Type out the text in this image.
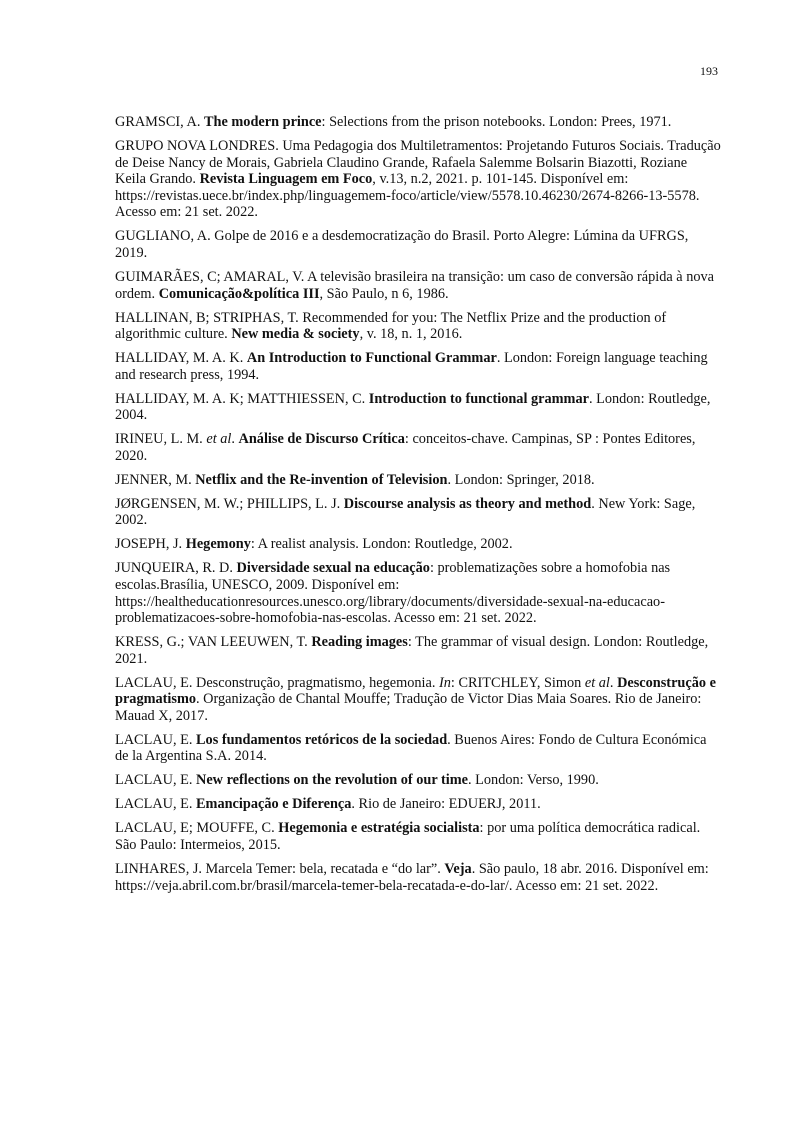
193

GRAMSCI, A. The modern prince: Selections from the prison notebooks. London: Prees, 1971.

GRUPO NOVA LONDRES. Uma Pedagogia dos Multiletramentos: Projetando Futuros Sociais. Tradução de Deise Nancy de Morais, Gabriela Claudino Grande, Rafaela Salemme Bolsarin Biazotti, Roziane Keila Grando. Revista Linguagem em Foco, v.13, n.2, 2021. p. 101-145. Disponível em: https://revistas.uece.br/index.php/linguagemem-foco/article/view/5578.10.46230/2674-8266-13-5578. Acesso em: 21 set. 2022.

GUGLIANO, A. Golpe de 2016 e a desdemocratização do Brasil. Porto Alegre: Lúmina da UFRGS, 2019.

GUIMARÃES, C; AMARAL, V. A televisão brasileira na transição: um caso de conversão rápida à nova ordem. Comunicação&política III, São Paulo, n 6, 1986.

HALLINAN, B; STRIPHAS, T. Recommended for you: The Netflix Prize and the production of algorithmic culture. New media & society, v. 18, n. 1, 2016.

HALLIDAY, M. A. K. An Introduction to Functional Grammar. London: Foreign language teaching and research press, 1994.

HALLIDAY, M. A. K; MATTHIESSEN, C. Introduction to functional grammar. London: Routledge, 2004.

IRINEU, L. M. et al. Análise de Discurso Crítica: conceitos-chave. Campinas, SP : Pontes Editores, 2020.

JENNER, M. Netflix and the Re-invention of Television. London: Springer, 2018.

JØRGENSEN, M. W.; PHILLIPS, L. J. Discourse analysis as theory and method. New York: Sage, 2002.

JOSEPH, J. Hegemony: A realist analysis. London: Routledge, 2002.

JUNQUEIRA, R. D. Diversidade sexual na educação: problematizações sobre a homofobia nas escolas.Brasília, UNESCO, 2009. Disponível em: https://healtheducationresources.unesco.org/library/documents/diversidade-sexual-na-educacao-problematizacoes-sobre-homofobia-nas-escolas. Acesso em: 21 set. 2022.

KRESS, G.; VAN LEEUWEN, T. Reading images: The grammar of visual design. London: Routledge, 2021.

LACLAU, E. Desconstrução, pragmatismo, hegemonia. In: CRITCHLEY, Simon et al. Desconstrução e pragmatismo. Organização de Chantal Mouffe; Tradução de Victor Dias Maia Soares. Rio de Janeiro: Mauad X, 2017.

LACLAU, E. Los fundamentos retóricos de la sociedad. Buenos Aires: Fondo de Cultura Económica de la Argentina S.A. 2014.

LACLAU, E. New reflections on the revolution of our time. London: Verso, 1990.

LACLAU, E. Emancipação e Diferença. Rio de Janeiro: EDUERJ, 2011.

LACLAU, E; MOUFFE, C. Hegemonia e estratégia socialista: por uma política democrática radical. São Paulo: Intermeios, 2015.

LINHARES, J. Marcela Temer: bela, recatada e “do lar”. Veja. São paulo, 18 abr. 2016. Disponível em: https://veja.abril.com.br/brasil/marcela-temer-bela-recatada-e-do-lar/. Acesso em: 21 set. 2022.
